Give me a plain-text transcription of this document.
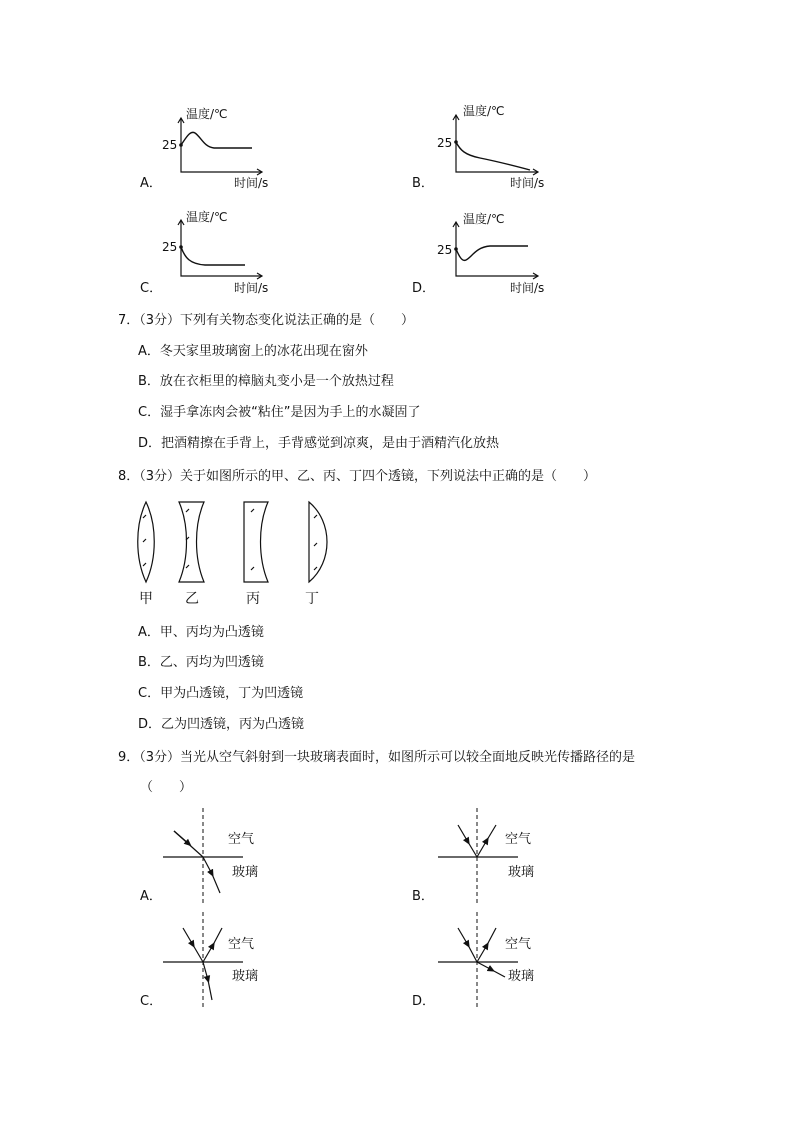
温度/℃
25
时间/s
A．
温度/℃
25
时间/s
B．
温度/℃
25
时间/s
C．
温度/℃
25
时间/s
D．
7．（3分）下列有关物态变化说法正确的是（　　）
A．冬天家里玻璃窗上的冰花出现在窗外
B．放在衣柜里的樟脑丸变小是一个放热过程
C．湿手拿冻肉会被“粘住”是因为手上的水凝固了
D．把酒精擦在手背上，手背感觉到凉爽，是由于酒精汽化放热
8．（3分）关于如图所示的甲、乙、丙、丁四个透镜，下列说法中正确的是（　　）
甲 乙	丙	丁
A．甲、丙均为凸透镜
B．乙、丙均为凹透镜
C．甲为凸透镜，丁为凹透镜
D．乙为凹透镜，丙为凸透镜
9．（3分）当光从空气斜射到一块玻璃表面时，如图所示可以较全面地反映光传播路径的是
（　　）
空气
玻璃
A．
空气
玻璃
B．
空气
玻璃
C．
空气
玻璃
D．
